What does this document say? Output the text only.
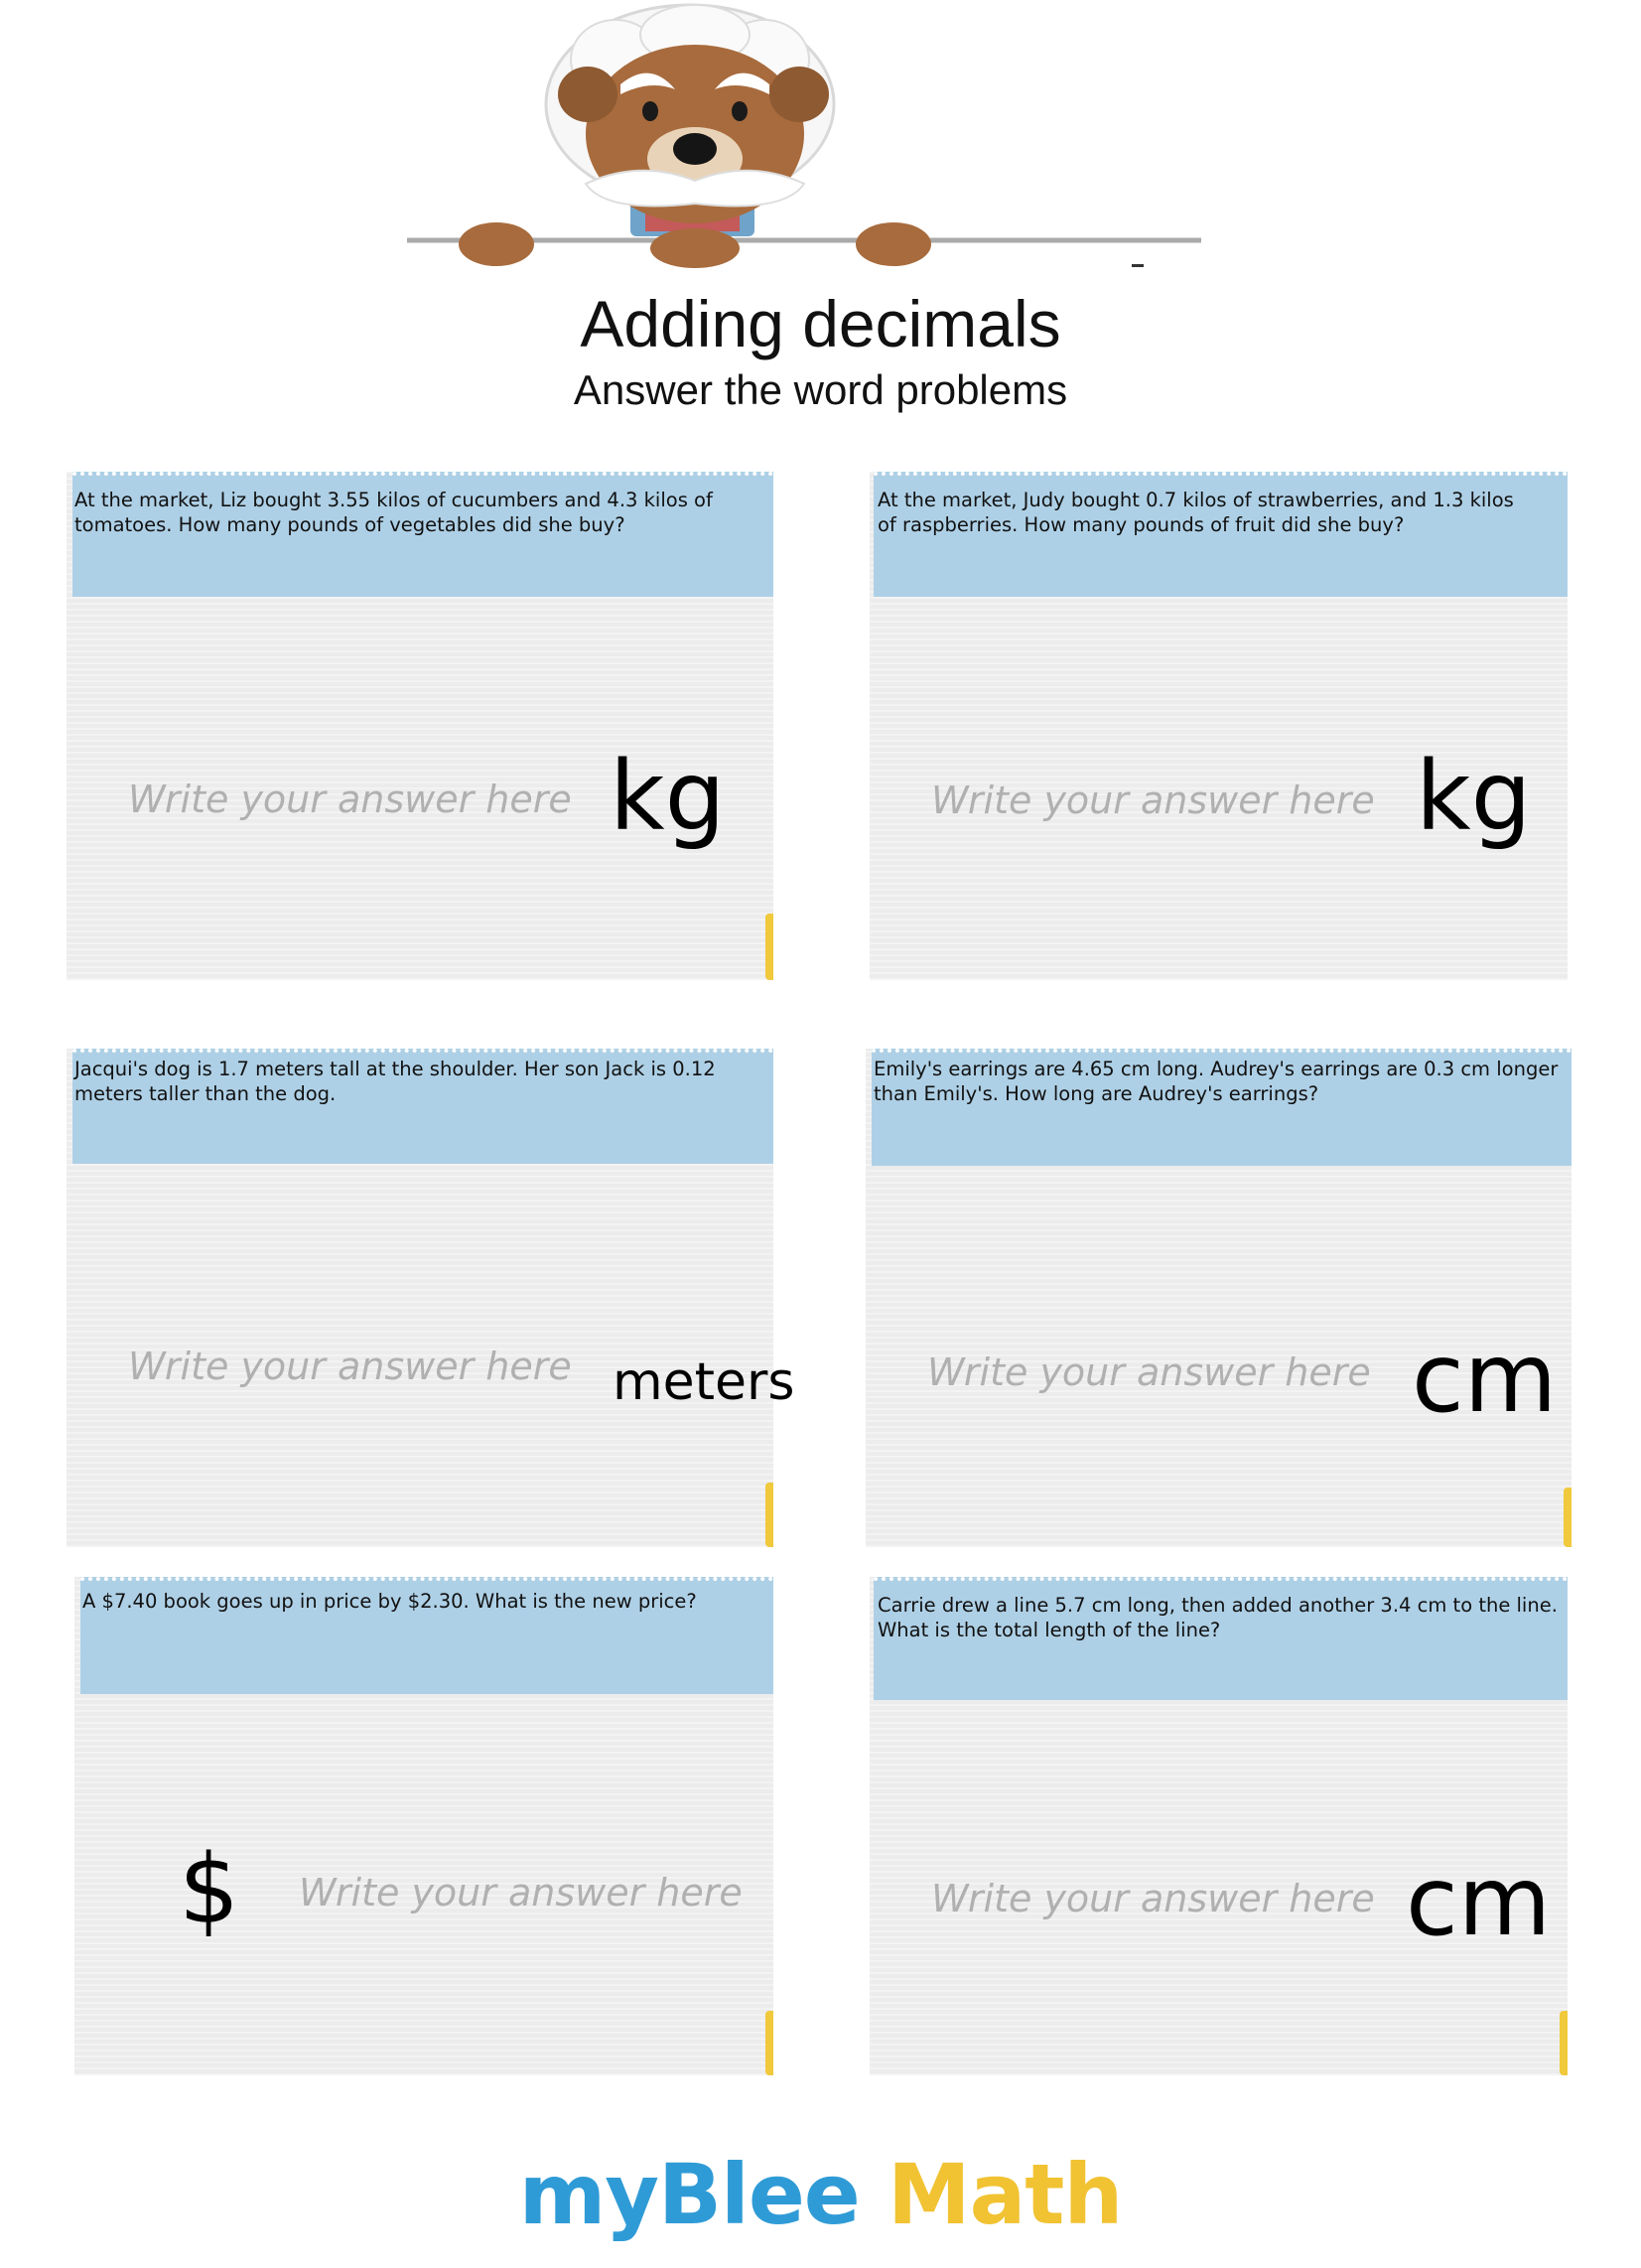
Adding decimals
Answer the word problems
At the market, Liz bought 3.55 kilos of cucumbers and 4.3 kilos of tomatoes. How many pounds of vegetables did she buy?
Write your answer here kg
At the market, Judy bought 0.7 kilos of strawberries, and 1.3 kilos of raspberries. How many pounds of fruit did she buy?
Write your answer here kg
Jacqui's dog is 1.7 meters tall at the shoulder. Her son Jack is 0.12 meters taller than the dog.
Write your answer here meters
Emily's earrings are 4.65 cm long. Audrey's earrings are 0.3 cm longer than Emily's. How long are Audrey's earrings?
Write your answer here cm
A $7.40 book goes up in price by $2.30. What is the new price?
$ Write your answer here
Carrie drew a line 5.7 cm long, then added another 3.4 cm to the line. What is the total length of the line?
Write your answer here cm
myBlee Math
